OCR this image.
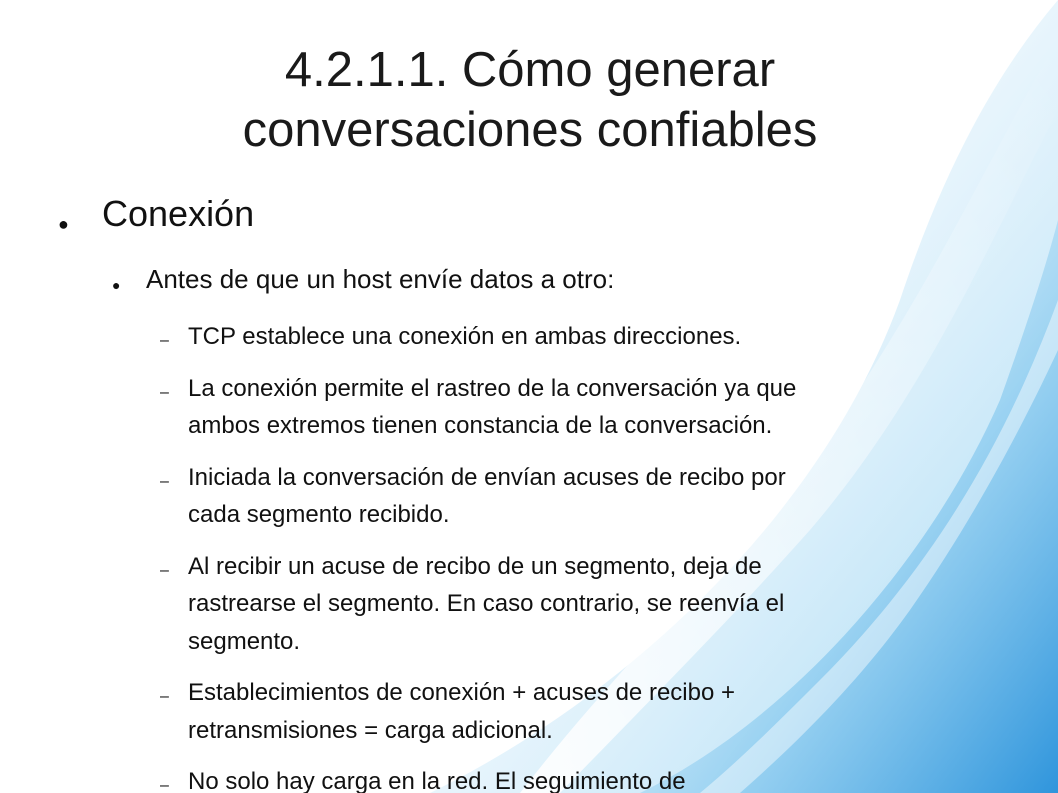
4.2.1.1. Cómo generar
conversaciones confiables
● Conexión
● Antes de que un host envíe datos a otro:
– TCP establece una conexión en ambas direcciones.
– La conexión permite el rastreo de la conversación ya que
ambos extremos tienen constancia de la conversación.
– Iniciada la conversación de envían acuses de recibo por
cada segmento recibido.
– Al recibir un acuse de recibo de un segmento, deja de
rastrearse el segmento. En caso contrario, se reenvía el
segmento.
– Establecimientos de conexión + acuses de recibo +
retransmisiones = carga adicional.
– No solo hay carga en la red. El seguimiento de
